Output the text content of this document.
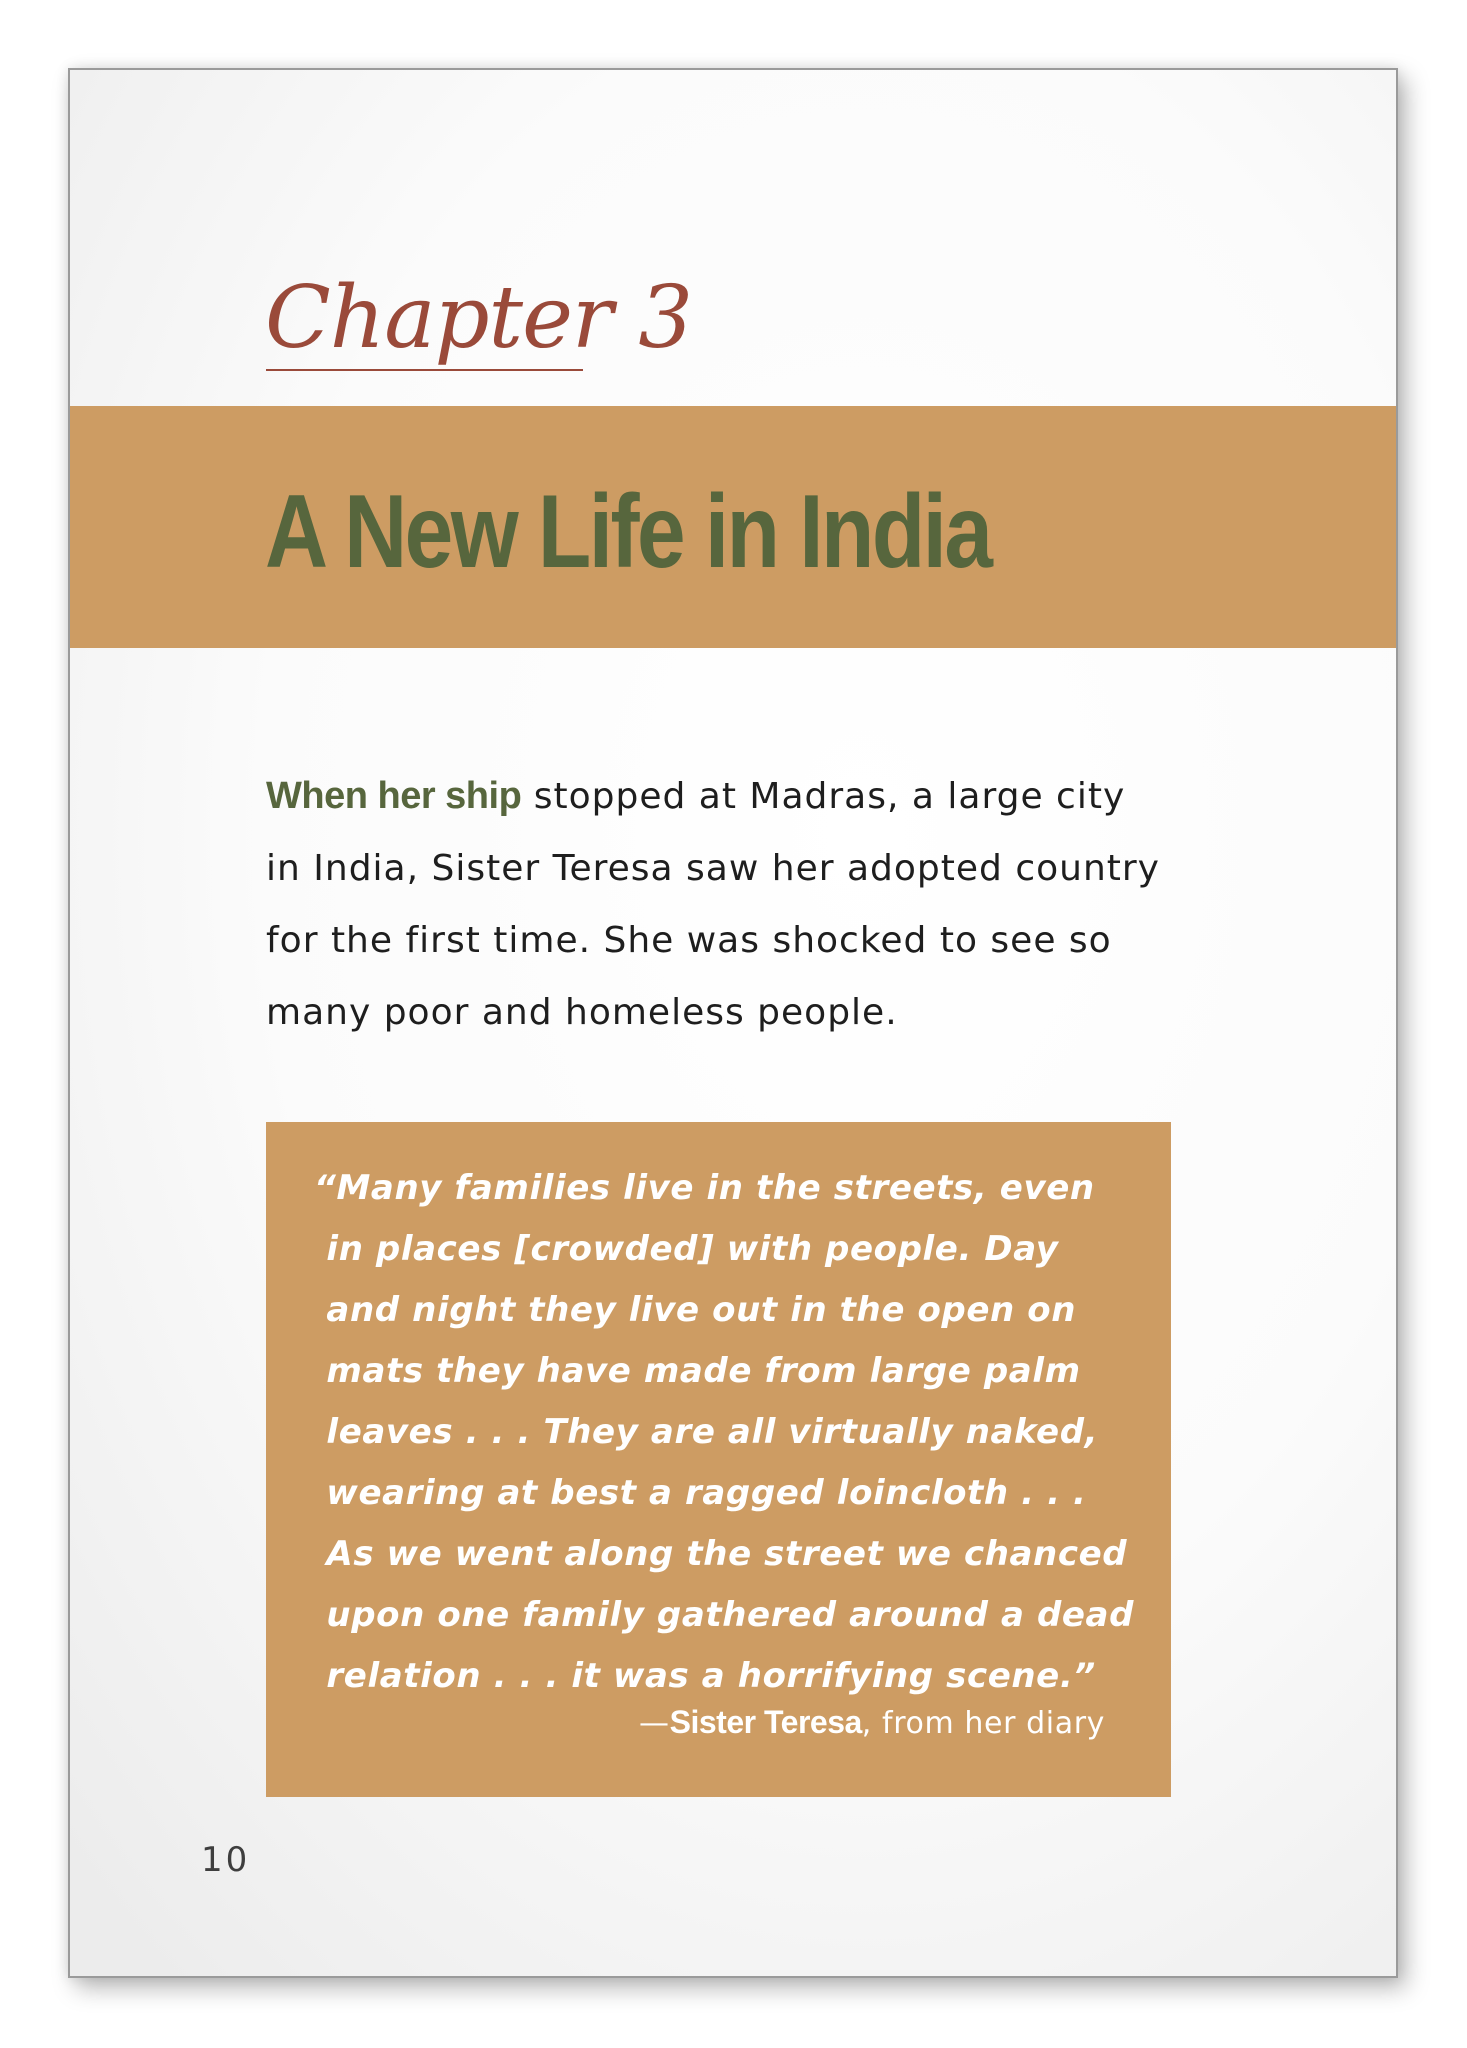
Chapter 3
A New Life in India

When her ship stopped at Madras, a large city in India, Sister Teresa saw her adopted country for the first time. She was shocked to see so many poor and homeless people.

“Many families live in the streets, even
in places [crowded] with people. Day
and night they live out in the open on
mats they have made from large palm
leaves . . . They are all virtually naked,
wearing at best a ragged loincloth . . .
As we went along the street we chanced
upon one family gathered around a dead
relation . . . it was a horrifying scene.”

—Sister Teresa, from her diary

10
